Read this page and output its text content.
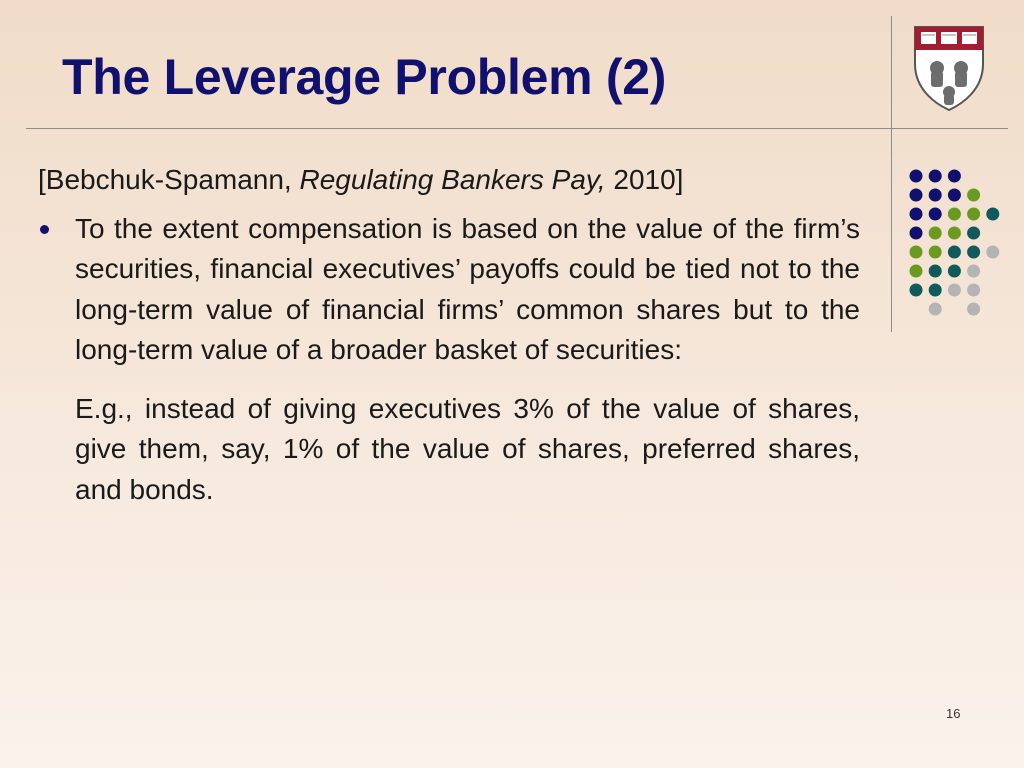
The Leverage Problem (2)

[Bebchuk-Spamann, Regulating Bankers Pay, 2010]

To the extent compensation is based on the value of the firm’s securities, financial executives’ payoffs could be tied not to the long-term value of financial firms’ common shares but to the long-term value of a broader basket of securities:

E.g., instead of giving executives 3% of the value of shares, give them, say, 1% of the value of shares, preferred shares, and bonds.

16
